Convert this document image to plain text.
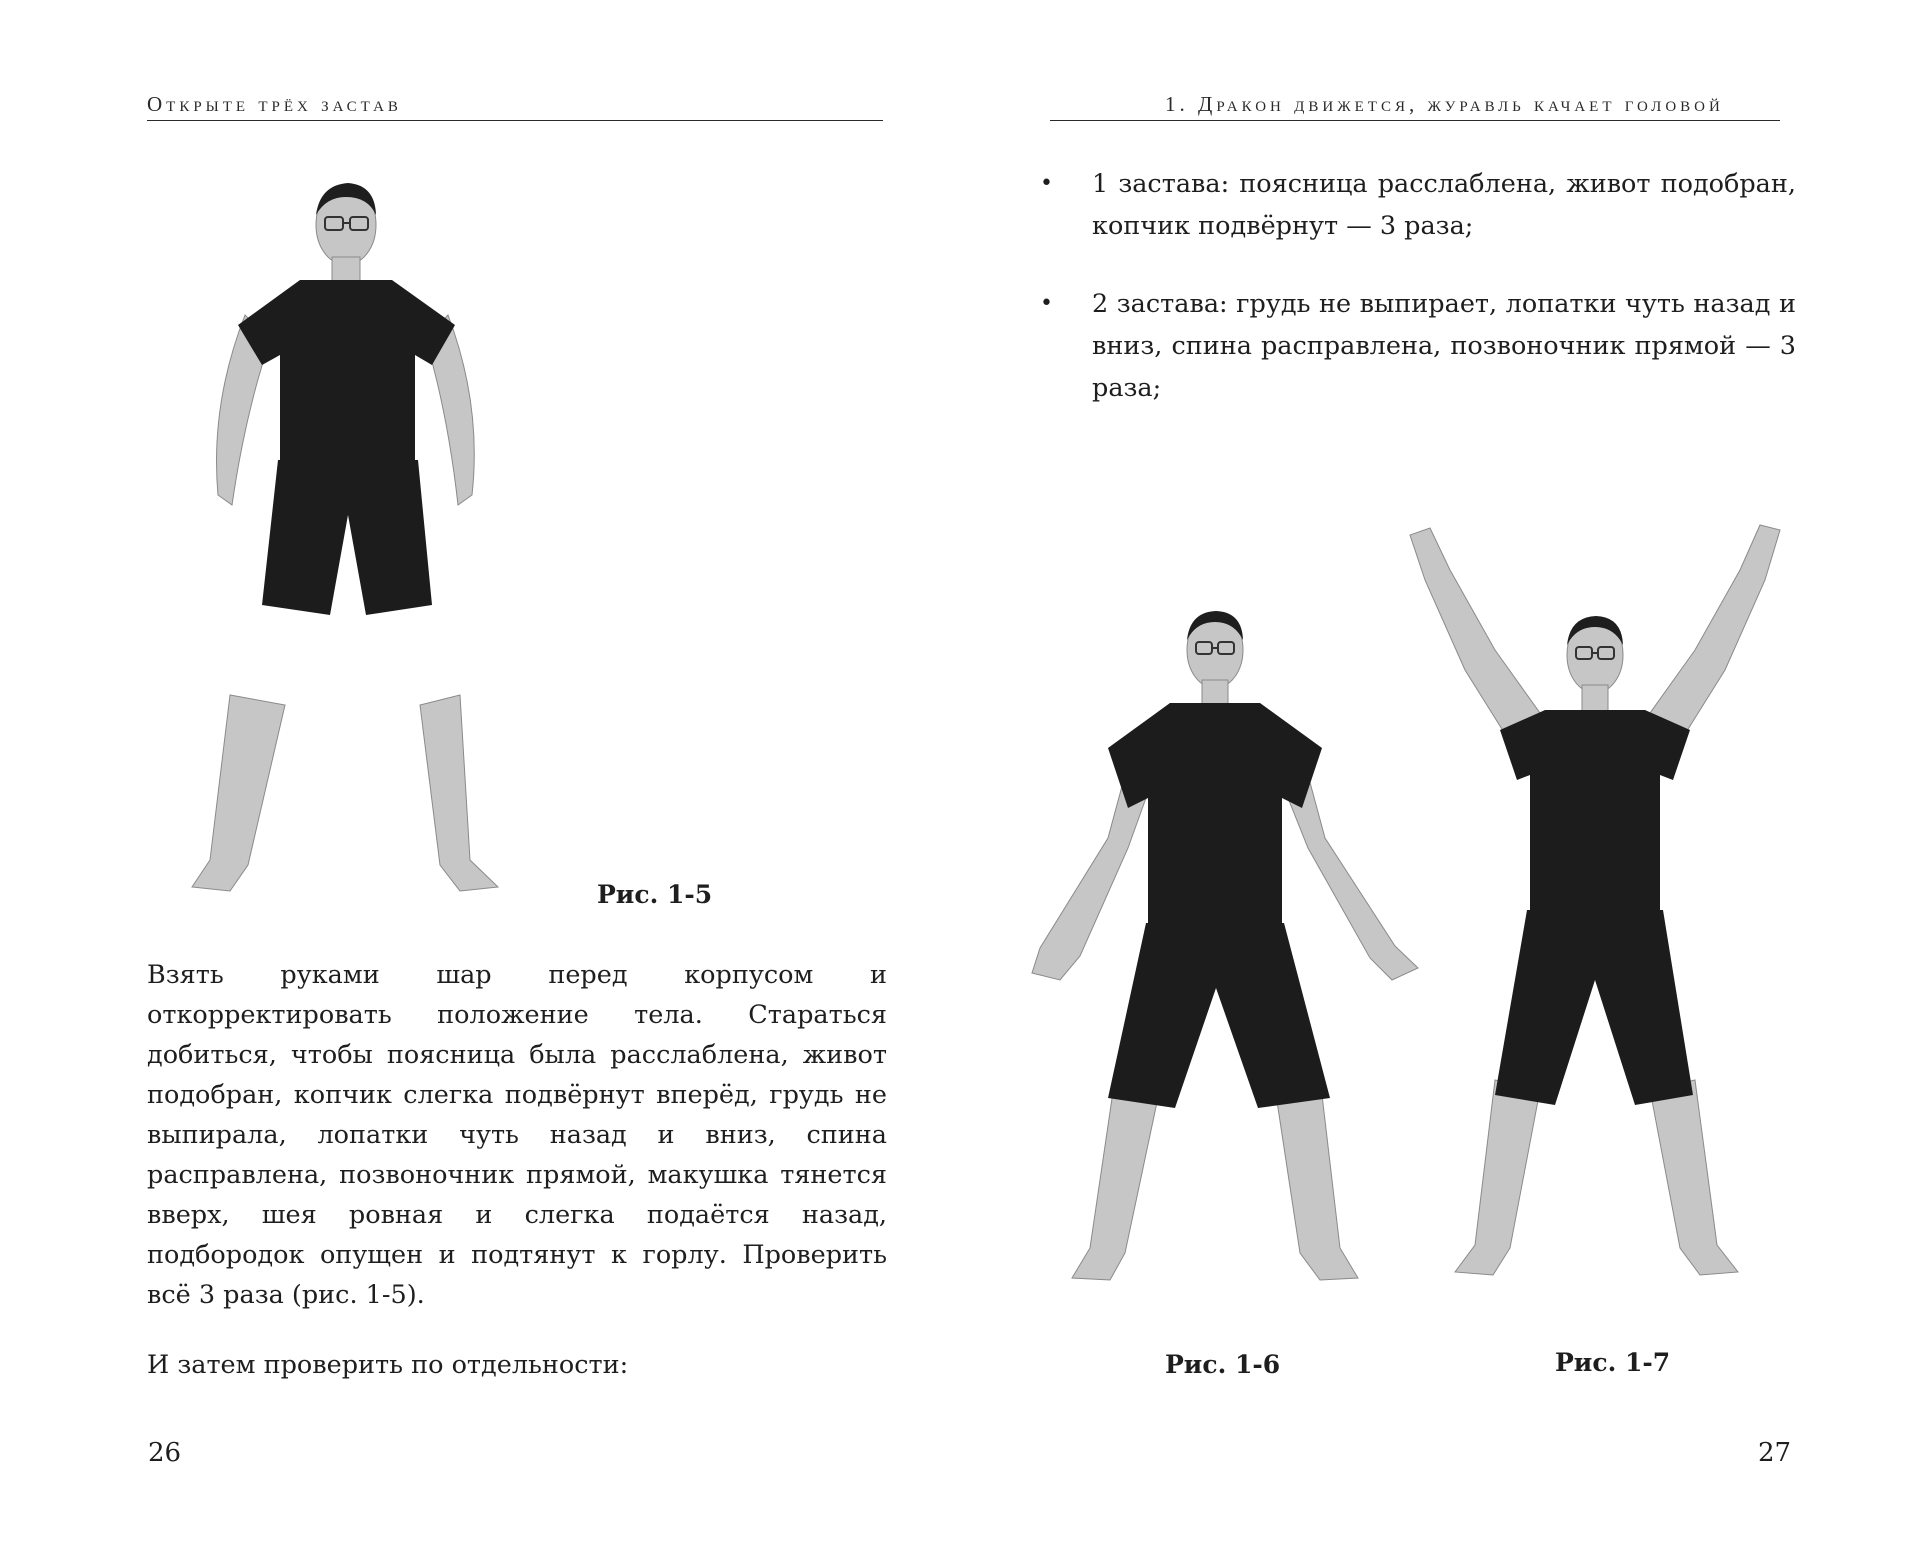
Открыте трёх застав
Рис. 1-5

Взять руками шар перед корпусом и откорректировать положение тела. Стараться добиться, чтобы поясница была расслаблена, живот подобран, копчик слегка подвёрнут вперёд, грудь не выпирала, лопатки чуть назад и вниз, спина расправлена, позвоночник прямой, макушка тянется вверх, шея ровная и слегка подаётся назад, подбородок опущен и подтянут к горлу. Проверить всё 3 раза (рис. 1-5).

И затем проверить по отдельности:

26
1. Дракон движется, журавль качает головой
• 1 застава: поясница расслаблена, живот подобран, копчик подвёрнут — 3 раза;
• 2 застава: грудь не выпирает, лопатки чуть назад и вниз, спина расправлена, позвоночник прямой — 3 раза;
Рис. 1-6	Рис. 1-7
27
